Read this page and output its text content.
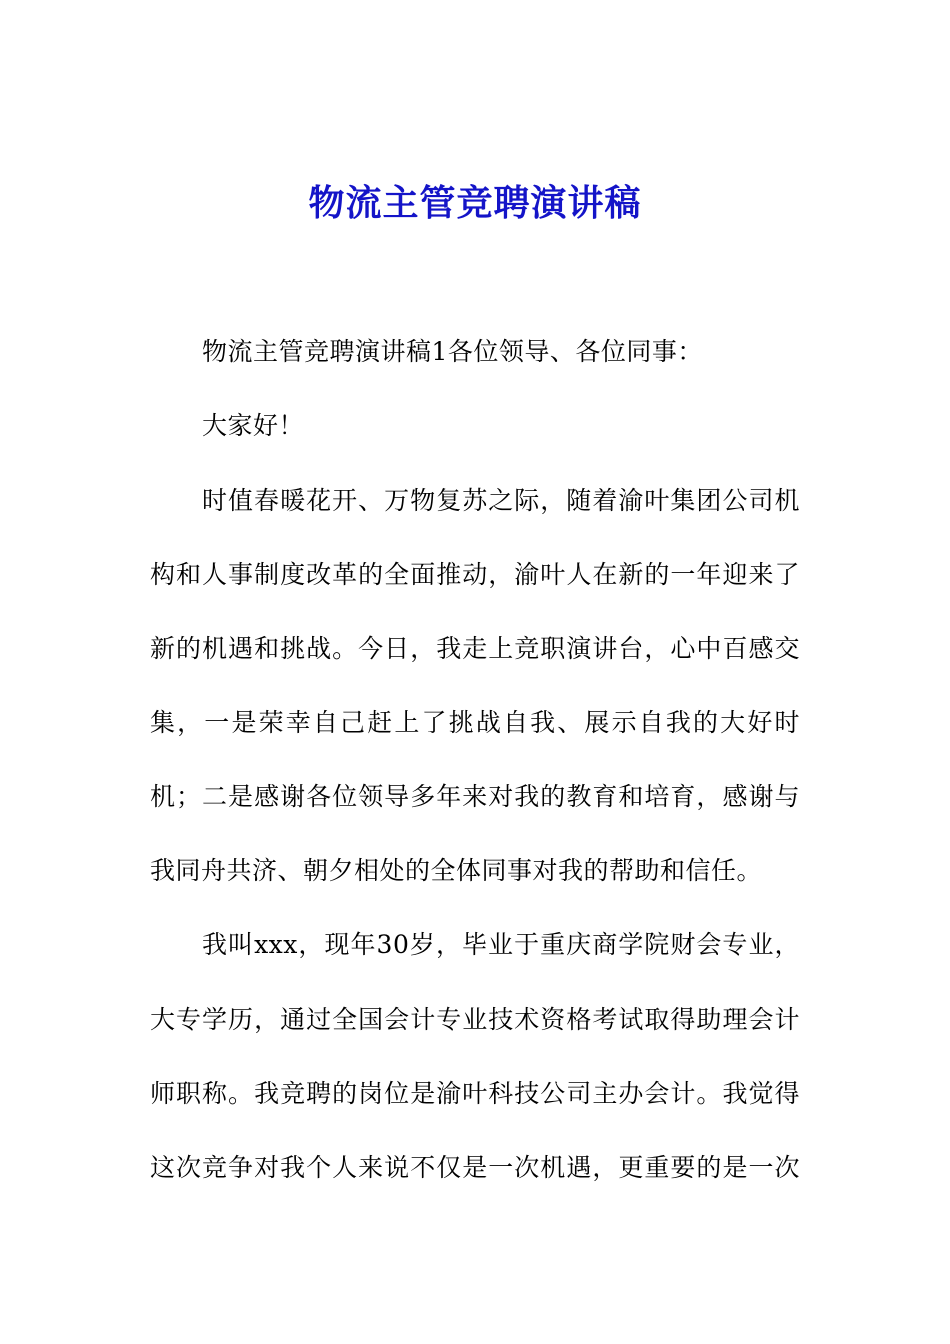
物流主管竞聘演讲稿
物流主管竞聘演讲稿1各位领导、各位同事：
大家好！
时值春暖花开、万物复苏之际，随着渝叶集团公司机
构和人事制度改革的全面推动，渝叶人在新的一年迎来了
新的机遇和挑战。今日，我走上竞职演讲台，心中百感交
集，一是荣幸自己赶上了挑战自我、展示自我的大好时
机；二是感谢各位领导多年来对我的教育和培育，感谢与
我同舟共济、朝夕相处的全体同事对我的帮助和信任。
我叫xxx，现年30岁，毕业于重庆商学院财会专业，
大专学历，通过全国会计专业技术资格考试取得助理会计
师职称。我竞聘的岗位是渝叶科技公司主办会计。我觉得
这次竞争对我个人来说不仅是一次机遇，更重要的是一次
